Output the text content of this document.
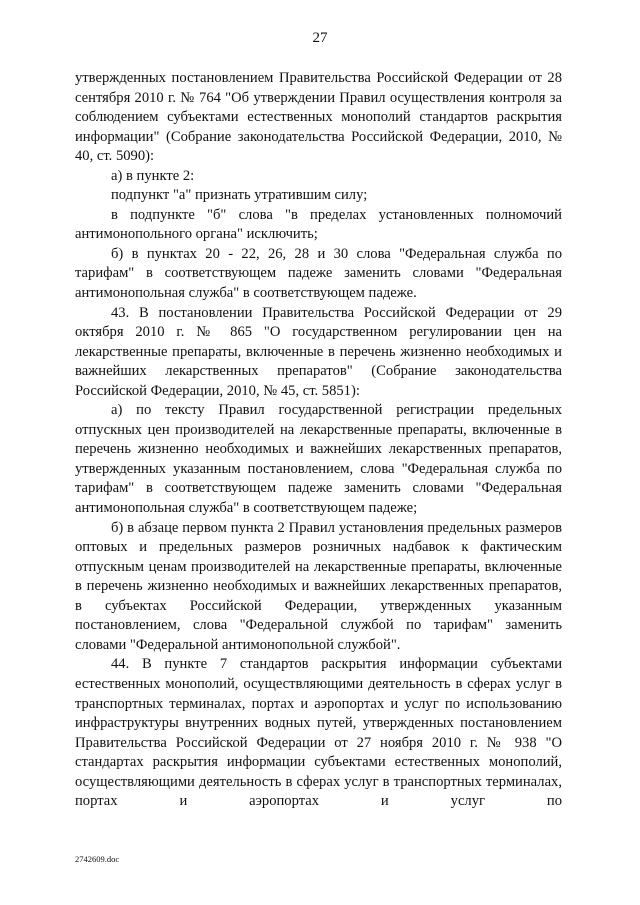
27

утвержденных постановлением Правительства Российской Федерации от 28 сентября 2010 г. № 764 "Об утверждении Правил осуществления контроля за соблюдением субъектами естественных монополий стандартов раскрытия информации" (Собрание законодательства Российской Федерации, 2010, № 40, ст. 5090):

а) в пункте 2:

подпункт "а" признать утратившим силу;

в подпункте "б" слова "в пределах установленных полномочий антимонопольного органа" исключить;

б) в пунктах 20 - 22, 26, 28 и 30 слова "Федеральная служба по тарифам" в соответствующем падеже заменить словами "Федеральная антимонопольная служба" в соответствующем падеже.

43. В постановлении Правительства Российской Федерации от 29 октября 2010 г. № 865 "О государственном регулировании цен на лекарственные препараты, включенные в перечень жизненно необходимых и важнейших лекарственных препаратов" (Собрание законодательства Российской Федерации, 2010, № 45, ст. 5851):

а) по тексту Правил государственной регистрации предельных отпускных цен производителей на лекарственные препараты, включенные в перечень жизненно необходимых и важнейших лекарственных препаратов, утвержденных указанным постановлением, слова "Федеральная служба по тарифам" в соответствующем падеже заменить словами "Федеральная антимонопольная служба" в соответствующем падеже;

б) в абзаце первом пункта 2 Правил установления предельных размеров оптовых и предельных размеров розничных надбавок к фактическим отпускным ценам производителей на лекарственные препараты, включенные в перечень жизненно необходимых и важнейших лекарственных препаратов, в субъектах Российской Федерации, утвержденных указанным постановлением, слова "Федеральной службой по тарифам" заменить словами "Федеральной антимонопольной службой".

44. В пункте 7 стандартов раскрытия информации субъектами естественных монополий, осуществляющими деятельность в сферах услуг в транспортных терминалах, портах и аэропортах и услуг по использованию инфраструктуры внутренних водных путей, утвержденных постановлением Правительства Российской Федерации от 27 ноября 2010 г. № 938 "О стандартах раскрытия информации субъектами естественных монополий, осуществляющими деятельность в сферах услуг в транспортных терминалах, портах и аэропортах и услуг по

2742609.doc
